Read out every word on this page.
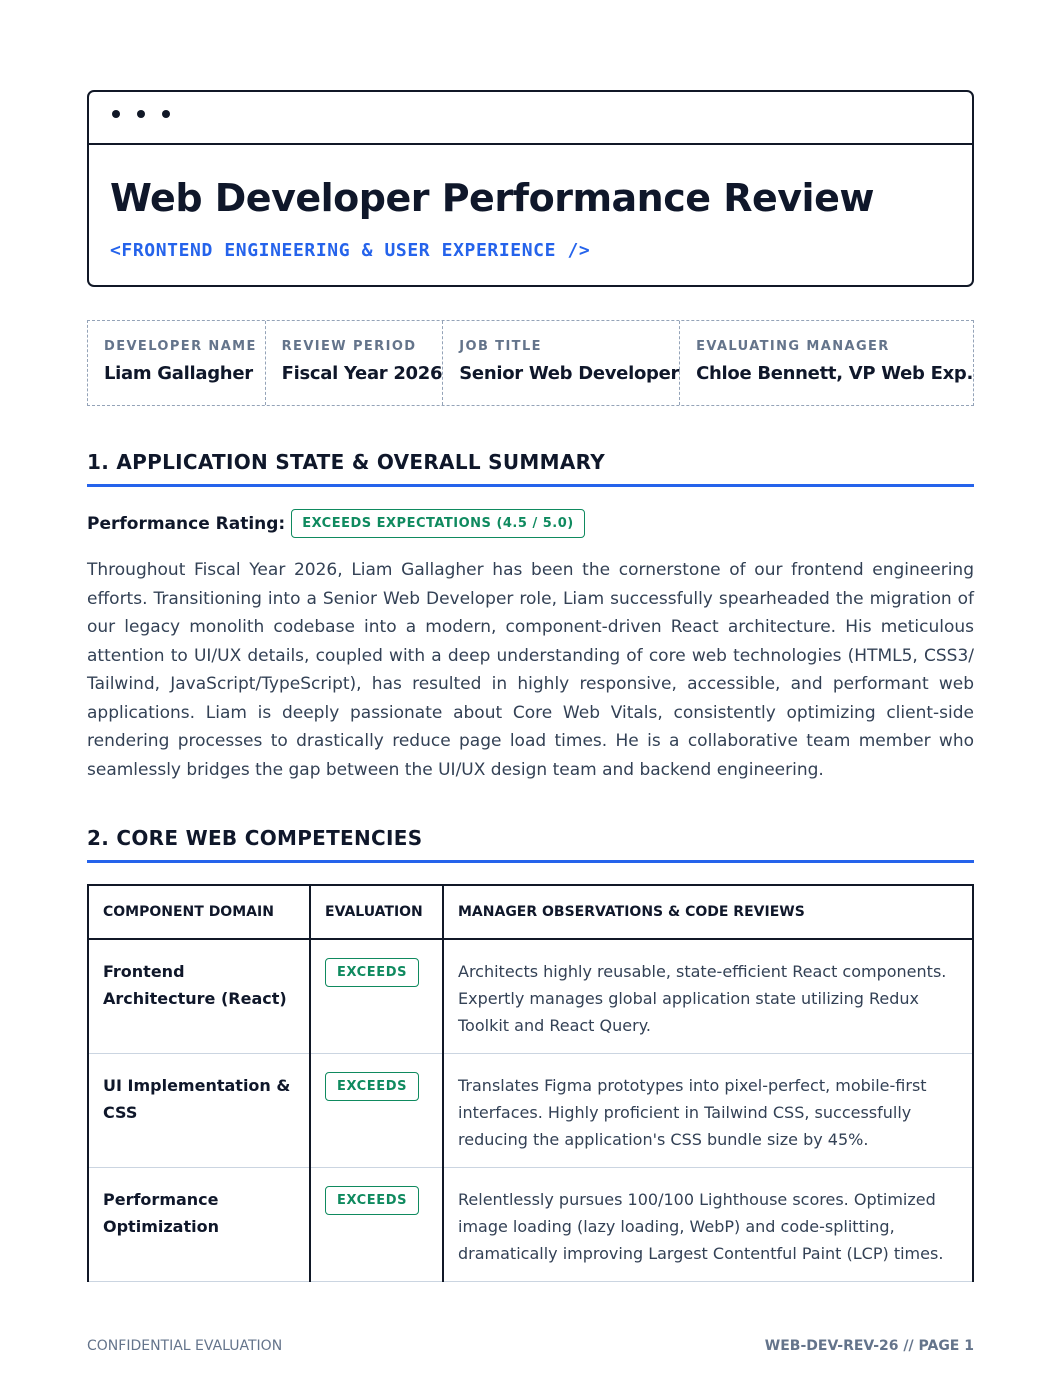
Web Developer Performance Review
<FRONTEND ENGINEERING & USER EXPERIENCE />
DEVELOPER NAME
Liam Gallagher
REVIEW PERIOD
Fiscal Year 2026
JOB TITLE
Senior Web Developer
EVALUATING MANAGER
Chloe Bennett, VP Web Exp.
1. APPLICATION STATE & OVERALL SUMMARY
Performance Rating:	EXCEEDS EXPECTATIONS (4.5 / 5.0)

Throughout Fiscal Year 2026, Liam Gallagher has been the cornerstone of our frontend engineering efforts. Transitioning into a Senior Web Developer role, Liam successfully spearheaded the migration of our legacy monolith codebase into a modern, component-driven React architecture. His meticulous attention to UI/UX details, coupled with a deep understanding of core web technologies (HTML5, CSS3/ Tailwind, JavaScript/TypeScript), has resulted in highly responsive, accessible, and performant web applications. Liam is deeply passionate about Core Web Vitals, consistently optimizing client-side rendering processes to drastically reduce page load times. He is a collaborative team member who seamlessly bridges the gap between the UI/UX design team and backend engineering.

2. CORE WEB COMPETENCIES
COMPONENT DOMAIN	EVALUATION	MANAGER OBSERVATIONS & CODE REVIEWS

Frontend Architecture (React)	EXCEEDS	Architects highly reusable, state-efficient React components. Expertly manages global application state utilizing Redux Toolkit and React Query.

UI Implementation & CSS	EXCEEDS	Translates Figma prototypes into pixel-perfect, mobile-first interfaces. Highly proficient in Tailwind CSS, successfully reducing the application's CSS bundle size by 45%.

Performance Optimization	EXCEEDS	Relentlessly pursues 100/100 Lighthouse scores. Optimized image loading (lazy loading, WebP) and code-splitting, dramatically improving Largest Contentful Paint (LCP) times.
CONFIDENTIAL EVALUATION	WEB-DEV-REV-26 // PAGE 1
